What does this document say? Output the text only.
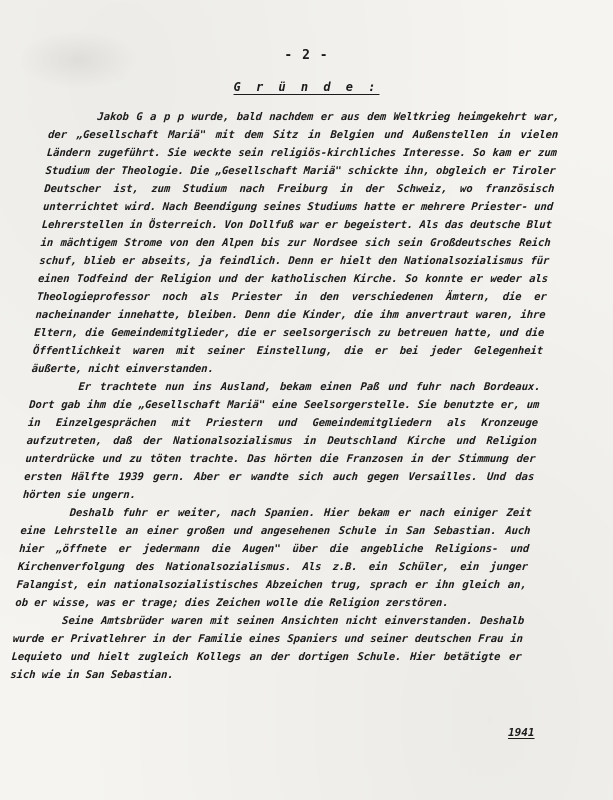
- 2 -
G r ü n d e :

Jakob G a p p wurde, bald nachdem er aus dem Weltkrieg heimgekehrt war, der „Gesellschaft Mariä" mit dem Sitz in Belgien und Außenstellen in vielen Ländern zugeführt. Sie weckte sein religiös-kirchliches Interesse. So kam er zum Studium der Theologie. Die „Gesellschaft Mariä" schickte ihn, obgleich er Tiroler Deutscher ist, zum Studium nach Freiburg in der Schweiz, wo französisch unterrichtet wird. Nach Beendigung seines Studiums hatte er mehrere Priester- und Lehrerstellen in Österreich. Von Dollfuß war er begeistert. Als das deutsche Blut in mächtigem Strome von den Alpen bis zur Nordsee sich sein Großdeutsches Reich schuf, blieb er abseits, ja feindlich. Denn er hielt den Nationalsozialismus für einen Todfeind der Religion und der katholischen Kirche. So konnte er weder als Theologieprofessor noch als Priester in den verschiedenen Ämtern, die er nacheinander innehatte, bleiben. Denn die Kinder, die ihm anvertraut waren, ihre Eltern, die Gemeindemitglieder, die er seelsorgerisch zu betreuen hatte, und die Öffentlichkeit waren mit seiner Einstellung, die er bei jeder Gelegenheit äußerte, nicht einverstanden.

Er trachtete nun ins Ausland, bekam einen Paß und fuhr nach Bordeaux. Dort gab ihm die „Gesellschaft Mariä" eine Seelsorgerstelle. Sie benutzte er, um in Einzelgesprächen mit Priestern und Gemeindemitgliedern als Kronzeuge aufzutreten, daß der Nationalsozialismus in Deutschland Kirche und Religion unterdrücke und zu töten trachte. Das hörten die Franzosen in der Stimmung der ersten Hälfte 1939 gern. Aber er wandte sich auch gegen Versailles. Und das hörten sie ungern.

Deshalb fuhr er weiter, nach Spanien. Hier bekam er nach einiger Zeit eine Lehrstelle an einer großen und angesehenen Schule in San Sebastian. Auch hier „öffnete er jedermann die Augen" über die angebliche Religions- und Kirchenverfolgung des Nationalsozialismus. Als z.B. ein Schüler, ein junger Falangist, ein nationalsozialistisches Abzeichen trug, sprach er ihn gleich an, ob er wisse, was er trage; dies Zeichen wolle die Religion zerstören.

Seine Amtsbrüder waren mit seinen Ansichten nicht einverstanden. Deshalb wurde er Privatlehrer in der Familie eines Spaniers und seiner deutschen Frau in Lequieto und hielt zugleich Kollegs an der dortigen Schule. Hier betätigte er sich wie in San Sebastian.

1941
